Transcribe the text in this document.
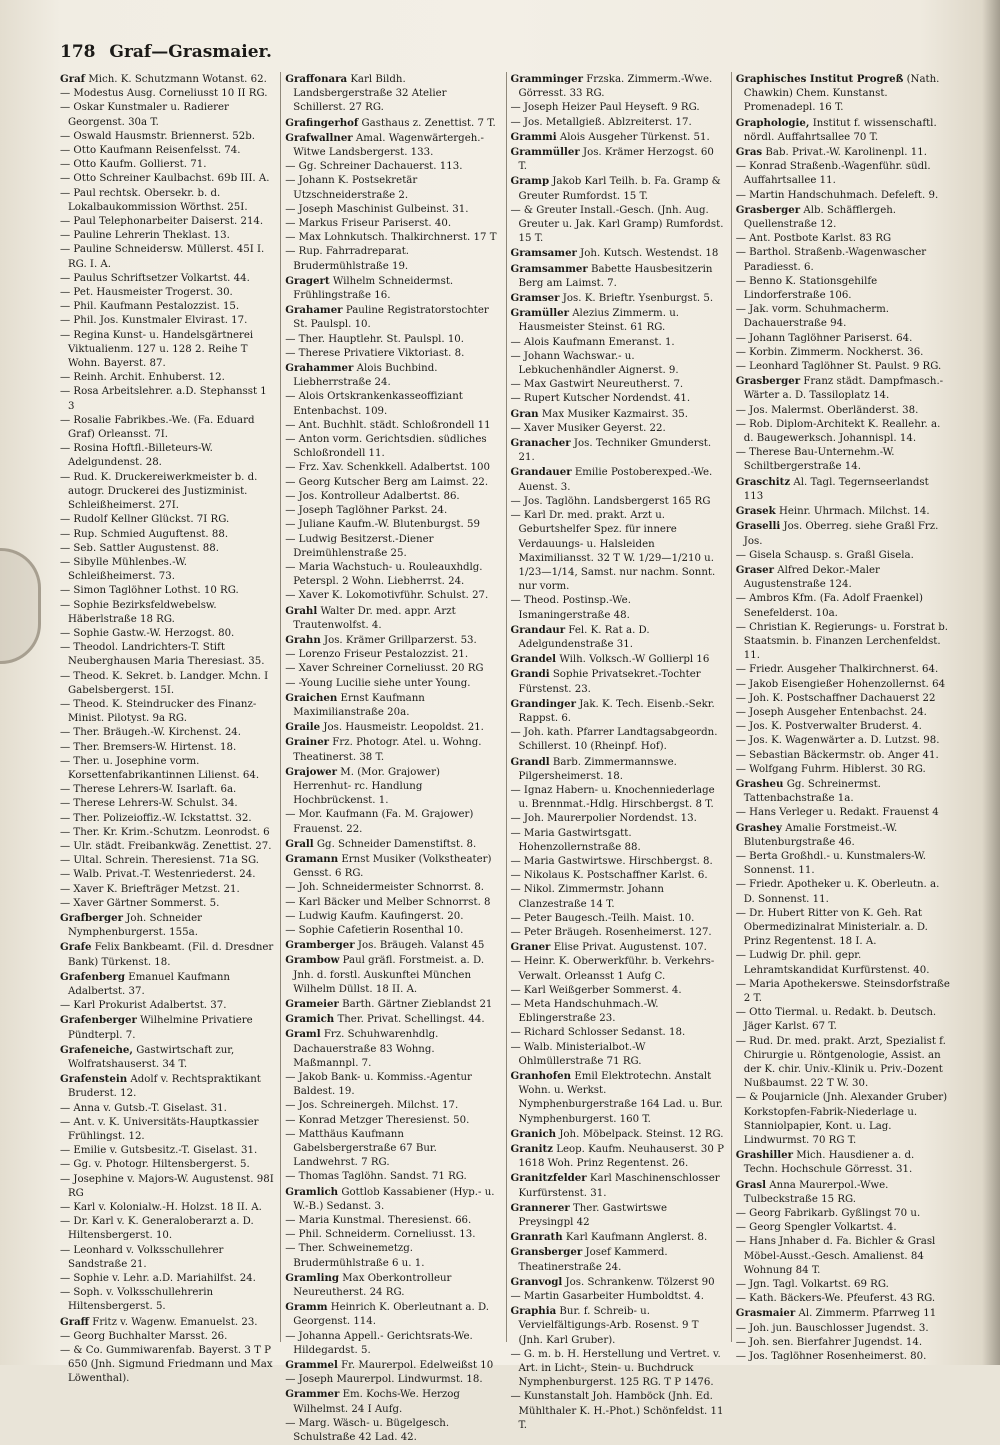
178 Graf—Grasmaier.

Graf Mich. K. Schutzmann Wotanst. 62.

— Modestus Ausg. Corneliusst 10 II RG.

— Oskar Kunstmaler u. Radierer Georgenst. 30a T.

— Oswald Hausmstr. Briennerst. 52b.

— Otto Kaufmann Reisenfelsst. 74.

— Otto Kaufm. Gollierst. 71.

— Otto Schreiner Kaulbachst. 69b III. A.

— Paul rechtsk. Obersekr. b. d. Lokalbaukommission Wörthst. 25I.

— Paul Telephonarbeiter Daiserst. 214.

— Pauline Lehrerin Theklast. 13.

— Pauline Schneidersw. Müllerst. 45I I. RG. I. A.

— Paulus Schriftsetzer Volkartst. 44.

— Pet. Hausmeister Trogerst. 30.

— Phil. Kaufmann Pestalozzist. 15.

— Phil. Jos. Kunstmaler Elvirast. 17.

— Regina Kunst- u. Handelsgärtnerei Viktualienm. 127 u. 128 2. Reihe T Wohn. Bayerst. 87.

— Reinh. Archit. Enhuberst. 12.

— Rosa Arbeitslehrer. a.D. Stephansst 1 3

— Rosalie Fabrikbes.-We. (Fa. Eduard Graf) Orleansst. 7I.

— Rosina Hoftfl.-Billeteurs-W. Adelgundenst. 28.

— Rud. K. Druckereiwerkmeister b. d. autogr. Druckerei des Justizminist. Schleißheimerst. 27I.

— Rudolf Kellner Glückst. 7I RG.

— Rup. Schmied Auguftenst. 88.

— Seb. Sattler Augustenst. 88.

— Sibylle Mühlenbes.-W. Schleißheimerst. 73.

— Simon Taglöhner Lothst. 10 RG.

— Sophie Bezirksfeldwebelsw. Häberlstraße 18 RG.

— Sophie Gastw.-W. Herzogst. 80.

— Theodol. Landrichters-T. Stift Neuberghausen Maria Theresiast. 35.

— Theod. K. Sekret. b. Landger. Mchn. I Gabelsbergerst. 15I.

— Theod. K. Steindrucker des Finanz-Minist. Pilotyst. 9a RG.

— Ther. Bräugeh.-W. Kirchenst. 24.

— Ther. Bremsers-W. Hirtenst. 18.

— Ther. u. Josephine vorm. Korsettenfabrikantinnen Lilienst. 64.

— Therese Lehrers-W. Isarlaft. 6a.

— Therese Lehrers-W. Schulst. 34.

— Ther. Polizeioffiz.-W. Ickstattst. 32.

— Ther. Kr. Krim.-Schutzm. Leonrodst. 6

— Ulr. städt. Freibankwäg. Zenettist. 27.

— Ultal. Schrein. Theresienst. 71a SG.

— Walb. Privat.-T. Westenriederst. 24.

— Xaver K. Briefträger Metzst. 21.

— Xaver Gärtner Sommerst. 5.

Grafberger Joh. Schneider Nymphenburgerst. 155a.

Grafe Felix Bankbeamt. (Fil. d. Dresdner Bank) Türkenst. 18.

Grafenberg Emanuel Kaufmann Adalbertst. 37.

— Karl Prokurist Adalbertst. 37.

Grafenberger Wilhelmine Privatiere Pündterpl. 7.

Grafeneiche, Gastwirtschaft zur, Wolfratshauserst. 34 T.

Grafenstein Adolf v. Rechtspraktikant Bruderst. 12.

— Anna v. Gutsb.-T. Giselast. 31.

— Ant. v. K. Universitäts-Hauptkassier Frühlingst. 12.

— Emilie v. Gutsbesitz.-T. Giselast. 31.

— Gg. v. Photogr. Hiltensbergerst. 5.

— Josephine v. Majors-W. Augustenst. 98I RG

— Karl v. Kolonialw.-H. Holzst. 18 II. A.

— Dr. Karl v. K. Generaloberarzt a. D. Hiltensbergerst. 10.

— Leonhard v. Volksschullehrer Sandstraße 21.

— Sophie v. Lehr. a.D. Mariahilfst. 24.

— Soph. v. Volksschullehrerin Hiltensbergerst. 5.

Graff Fritz v. Wagenw. Emanuelst. 23.

— Georg Buchhalter Marsst. 26.

— & Co. Gummiwarenfab. Bayerst. 3 T P 650 (Jnh. Sigmund Friedmann und Max Löwenthal).

Graffonara Karl Bildh. Landsbergerstraße 32 Atelier Schillerst. 27 RG.

Grafingerhof Gasthaus z. Zenettist. 7 T.

Grafwallner Amal. Wagenwärtergeh.-Witwe Landsbergerst. 133.

— Gg. Schreiner Dachauerst. 113.

— Johann K. Postsekretär Utzschneiderstraße 2.

— Joseph Maschinist Gulbeinst. 31.

— Markus Friseur Pariserst. 40.

— Max Lohnkutsch. Thalkirchnerst. 17 T

— Rup. Fahrradreparat. Brudermühlstraße 19.

Gragert Wilhelm Schneidermst. Frühlingstraße 16.

Grahamer Pauline Registratorstochter St. Paulspl. 10.

— Ther. Hauptlehr. St. Paulspl. 10.

— Therese Privatiere Viktoriast. 8.

Grahammer Alois Buchbind. Liebherrstraße 24.

— Alois Ortskrankenkasseoffiziant Entenbachst. 109.

— Ant. Buchhlt. städt. Schloßrondell 11

— Anton vorm. Gerichtsdien. südliches Schloßrondell 11.

— Frz. Xav. Schenkkell. Adalbertst. 100

— Georg Kutscher Berg am Laimst. 22.

— Jos. Kontrolleur Adalbertst. 86.

— Joseph Taglöhner Parkst. 24.

— Juliane Kaufm.-W. Blutenburgst. 59

— Ludwig Besitzerst.-Diener Dreimühlenstraße 25.

— Maria Wachstuch- u. Rouleauxhdlg. Peterspl. 2 Wohn. Liebherrst. 24.

— Xaver K. Lokomotivführ. Schulst. 27.

Grahl Walter Dr. med. appr. Arzt Trautenwolfst. 4.

Grahn Jos. Krämer Grillparzerst. 53.

— Lorenzo Friseur Pestalozzist. 21.

— Xaver Schreiner Corneliusst. 20 RG

— -Young Lucilie siehe unter Young.

Graichen Ernst Kaufmann Maximilianstraße 20a.

Graile Jos. Hausmeistr. Leopoldst. 21.

Grainer Frz. Photogr. Atel. u. Wohng. Theatinerst. 38 T.

Grajower M. (Mor. Grajower) Herrenhut- rc. Handlung Hochbrückenst. 1.

— Mor. Kaufmann (Fa. M. Grajower) Frauenst. 22.

Grall Gg. Schneider Damenstiftst. 8.

Gramann Ernst Musiker (Volkstheater) Gensst. 6 RG.

— Joh. Schneidermeister Schnorrst. 8.

— Karl Bäcker und Melber Schnorrst. 8

— Ludwig Kaufm. Kaufingerst. 20.

— Sophie Cafetierin Rosenthal 10.

Gramberger Jos. Bräugeh. Valanst 45

Grambow Paul gräfl. Forstmeist. a. D. Jnh. d. forstl. Auskunftei München Wilhelm Düllst. 18 II. A.

Grameier Barth. Gärtner Zieblandst 21

Gramich Ther. Privat. Schellingst. 44.

Graml Frz. Schuhwarenhdlg. Dachauerstraße 83 Wohng. Maßmannpl. 7.

— Jakob Bank- u. Kommiss.-Agentur Baldest. 19.

— Jos. Schreinergeh. Milchst. 17.

— Konrad Metzger Theresienst. 50.

— Matthäus Kaufmann Gabelsbergerstraße 67 Bur. Landwehrst. 7 RG.

— Thomas Taglöhn. Sandst. 71 RG.

Gramlich Gottlob Kassabiener (Hyp.- u. W.-B.) Sedanst. 3.

— Maria Kunstmal. Theresienst. 66.

— Phil. Schneiderm. Corneliusst. 13.

— Ther. Schweinemetzg. Brudermühlstraße 6 u. 1.

Gramling Max Oberkontrolleur Neureutherst. 24 RG.

Gramm Heinrich K. Oberleutnant a. D. Georgenst. 114.

— Johanna Appell.- Gerichtsrats-We. Hildegardst. 5.

Grammel Fr. Maurerpol. Edelweißst 10

— Joseph Maurerpol. Lindwurmst. 18.

Grammer Em. Kochs-We. Herzog Wilhelmst. 24 I Aufg.

— Marg. Wäsch- u. Bügelgesch. Schulstraße 42 Lad. 42.

Gramminger Frzska. Zimmerm.-Wwe. Görresst. 33 RG.

— Joseph Heizer Paul Heyseft. 9 RG.

— Jos. Metallgieß. Ablzreiterst. 17.

Grammi Alois Ausgeher Türkenst. 51.

Grammüller Jos. Krämer Herzogst. 60 T.

Gramp Jakob Karl Teilh. b. Fa. Gramp & Greuter Rumfordst. 15 T.

— & Greuter Install.-Gesch. (Jnh. Aug. Greuter u. Jak. Karl Gramp) Rumfordst. 15 T.

Gramsamer Joh. Kutsch. Westendst. 18

Gramsammer Babette Hausbesitzerin Berg am Laimst. 7.

Gramser Jos. K. Brieftr. Ysenburgst. 5.

Gramüller Alezius Zimmerm. u. Hausmeister Steinst. 61 RG.

— Alois Kaufmann Emeranst. 1.

— Johann Wachswar.- u. Lebkuchenhändler Aignerst. 9.

— Max Gastwirt Neureutherst. 7.

— Rupert Kutscher Nordendst. 41.

Gran Max Musiker Kazmairst. 35.

— Xaver Musiker Geyerst. 22.

Granacher Jos. Techniker Gmunderst. 21.

Grandauer Emilie Postoberexped.-We. Auenst. 3.

— Jos. Taglöhn. Landsbergerst 165 RG

— Karl Dr. med. prakt. Arzt u. Geburtshelfer Spez. für innere Verdauungs- u. Halsleiden Maximiliansst. 32 T W. 1/29—1/210 u. 1/23—1/14, Samst. nur nachm. Sonnt. nur vorm.

— Theod. Postinsp.-We. Ismaningerstraße 48.

Grandaur Fel. K. Rat a. D. Adelgundenstraße 31.

Grandel Wilh. Volksch.-W Gollierpl 16

Grandi Sophie Privatsekret.-Tochter Fürstenst. 23.

Grandinger Jak. K. Tech. Eisenb.-Sekr. Rappst. 6.

— Joh. kath. Pfarrer Landtagsabgeordn. Schillerst. 10 (Rheinpf. Hof).

Grandl Barb. Zimmermannswe. Pilgersheimerst. 18.

— Ignaz Habern- u. Knochenniederlage u. Brennmat.-Hdlg. Hirschbergst. 8 T.

— Joh. Maurerpolier Nordendst. 13.

— Maria Gastwirtsgatt. Hohenzollernstraße 88.

— Maria Gastwirtswe. Hirschbergst. 8.

— Nikolaus K. Postschaffner Karlst. 6.

— Nikol. Zimmermstr. Johann Clanzestraße 14 T.

— Peter Baugesch.-Teilh. Maist. 10.

— Peter Bräugeh. Rosenheimerst. 127.

Graner Elise Privat. Augustenst. 107.

— Heinr. K. Oberwerkführ. b. Verkehrs-Verwalt. Orleansst 1 Aufg C.

— Karl Weißgerber Sommerst. 4.

— Meta Handschuhmach.-W. Eblingerstraße 23.

— Richard Schlosser Sedanst. 18.

— Walb. Ministerialbot.-W Ohlmüllerstraße 71 RG.

Granhofen Emil Elektrotechn. Anstalt Wohn. u. Werkst. Nymphenburgerstraße 164 Lad. u. Bur. Nymphenburgerst. 160 T.

Granich Joh. Möbelpack. Steinst. 12 RG.

Granitz Leop. Kaufm. Neuhauserst. 30 P 1618 Woh. Prinz Regentenst. 26.

Granitzfelder Karl Maschinenschlosser Kurfürstenst. 31.

Grannerer Ther. Gastwirtswe Preysingpl 42

Granrath Karl Kaufmann Anglerst. 8.

Gransberger Josef Kammerd. Theatinerstraße 24.

Granvogl Jos. Schrankenw. Tölzerst 90

— Martin Gasarbeiter Humboldtst. 4.

Graphia Bur. f. Schreib- u. Vervielfältigungs-Arb. Rosenst. 9 T (Jnh. Karl Gruber).

— G. m. b. H. Herstellung und Vertret. v. Art. in Licht-, Stein- u. Buchdruck Nymphenburgerst. 125 RG. T P 1476.

— Kunstanstalt Joh. Hamböck (Jnh. Ed. Mühlthaler K. H.-Phot.) Schönfeldst. 11 T.

Graphisches Institut Progreß (Nath. Chawkin) Chem. Kunstanst. Promenadepl. 16 T.

Graphologie, Institut f. wissenschaftl. nördl. Auffahrtsallee 70 T.

Gras Bab. Privat.-W. Karolinenpl. 11.

— Konrad Straßenb.-Wagenführ. südl. Auffahrtsallee 11.

— Martin Handschuhmach. Defeleft. 9.

Grasberger Alb. Schäfflergeh. Quellenstraße 12.

— Ant. Postbote Karlst. 83 RG

— Barthol. Straßenb.-Wagenwascher Paradiesst. 6.

— Benno K. Stationsgehilfe Lindorferstraße 106.

— Jak. vorm. Schuhmacherm. Dachauerstraße 94.

— Johann Taglöhner Pariserst. 64.

— Korbin. Zimmerm. Nockherst. 36.

— Leonhard Taglöhner St. Paulst. 9 RG.

Grasberger Franz städt. Dampfmasch.-Wärter a. D. Tassiloplatz 14.

— Jos. Malermst. Oberländerst. 38.

— Rob. Diplom-Architekt K. Reallehr. a. d. Baugewerksch. Johannispl. 14.

— Therese Bau-Unternehm.-W. Schiltbergerstraße 14.

Graschitz Al. Tagl. Tegernseerlandst 113

Grasek Heinr. Uhrmach. Milchst. 14.

Graselli Jos. Oberreg. siehe Graßl Frz. Jos.

— Gisela Schausp. s. Graßl Gisela.

Graser Alfred Dekor.-Maler Augustenstraße 124.

— Ambros Kfm. (Fa. Adolf Fraenkel) Senefelderst. 10a.

— Christian K. Regierungs- u. Forstrat b. Staatsmin. b. Finanzen Lerchenfeldst. 11.

— Friedr. Ausgeher Thalkirchnerst. 64.

— Jakob Eisengießer Hohenzollernst. 64

— Joh. K. Postschaffner Dachauerst 22

— Joseph Ausgeher Entenbachst. 24.

— Jos. K. Postverwalter Bruderst. 4.

— Jos. K. Wagenwärter a. D. Lutzst. 98.

— Sebastian Bäckermstr. ob. Anger 41.

— Wolfgang Fuhrm. Hiblerst. 30 RG.

Grasheu Gg. Schreinermst. Tattenbachstraße 1a.

— Hans Verleger u. Redakt. Frauenst 4

Grashey Amalie Forstmeist.-W. Blutenburgstraße 46.

— Berta Großhdl.- u. Kunstmalers-W. Sonnenst. 11.

— Friedr. Apotheker u. K. Oberleutn. a. D. Sonnenst. 11.

— Dr. Hubert Ritter von K. Geh. Rat Obermedizinalrat Ministerialr. a. D. Prinz Regentenst. 18 I. A.

— Ludwig Dr. phil. gepr. Lehramtskandidat Kurfürstenst. 40.

— Maria Apothekerswe. Steinsdorfstraße 2 T.

— Otto Tiermal. u. Redakt. b. Deutsch. Jäger Karlst. 67 T.

— Rud. Dr. med. prakt. Arzt, Spezialist f. Chirurgie u. Röntgenologie, Assist. an der K. chir. Univ.-Klinik u. Priv.-Dozent Nußbaumst. 22 T W. 30.

— & Poujarnicle (Jnh. Alexander Gruber) Korkstopfen-Fabrik-Niederlage u. Stanniolpapier, Kont. u. Lag. Lindwurmst. 70 RG T.

Grashiller Mich. Hausdiener a. d. Techn. Hochschule Görresst. 31.

Grasl Anna Maurerpol.-Wwe. Tulbeckstraße 15 RG.

— Georg Fabrikarb. Gyßlingst 70 u.

— Georg Spengler Volkartst. 4.

— Hans Jnhaber d. Fa. Bichler & Grasl Möbel-Ausst.-Gesch. Amalienst. 84 Wohnung 84 T.

— Jgn. Tagl. Volkartst. 69 RG.

— Kath. Bäckers-We. Pfeuferst. 43 RG.

Grasmaier Al. Zimmerm. Pfarrweg 11

— Joh. jun. Bauschlosser Jugendst. 3.

— Joh. sen. Bierfahrer Jugendst. 14.

— Jos. Taglöhner Rosenheimerst. 80.
